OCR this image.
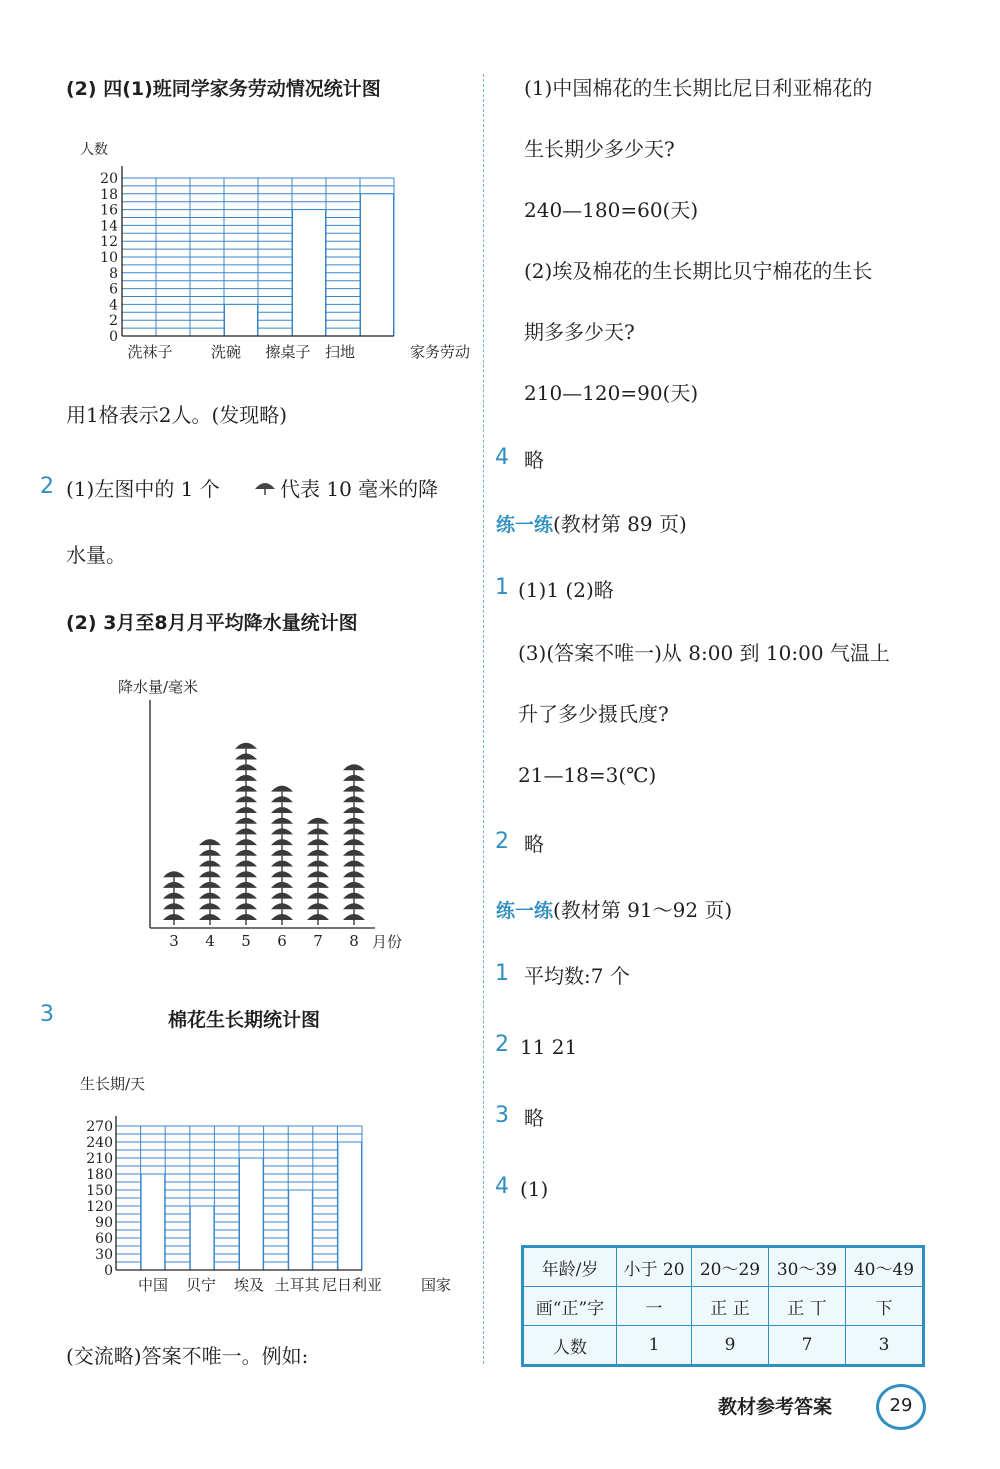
(2) 四(1)班同学家务劳动情况统计图
人数
0
2
4
6
8
10
12
14
16
18
20
洗袜子	洗碗 擦桌子 扫地	家务劳动
用1格表示2人。(发现略)
2 (1)左图中的 1 个	代表 10 毫米的降
水量。
(2) 3月至8月月平均降水量统计图
降水量/毫米
3 4 5 6 7 8 月份
3	棉花生长期统计图
生长期/天
0
30
60
90
120
150
180
210
240
270
中国 贝宁 埃及 土耳其 尼日利亚	国家
(交流略)答案不唯一。例如:
(1)中国棉花的生长期比尼日利亚棉花的
生长期少多少天?
240—180=60(天)
(2)埃及棉花的生长期比贝宁棉花的生长
期多多少天?
210—120=90(天)
4 略
练一练(教材第 89 页)
1 (1)1 (2)略
(3)(答案不唯一)从 8:00 到 10:00 气温上
升了多少摄氏度?
21—18=3(℃)
2 略
练一练(教材第 91～92 页)
1 平均数:7 个
2 11 21
3 略
4 (1)
年龄/岁	小于 20	20～29	30～39	40～49
画“正”字	一	正 正	正 丅	下
人数	1	9	7	3
教材参考答案	29
